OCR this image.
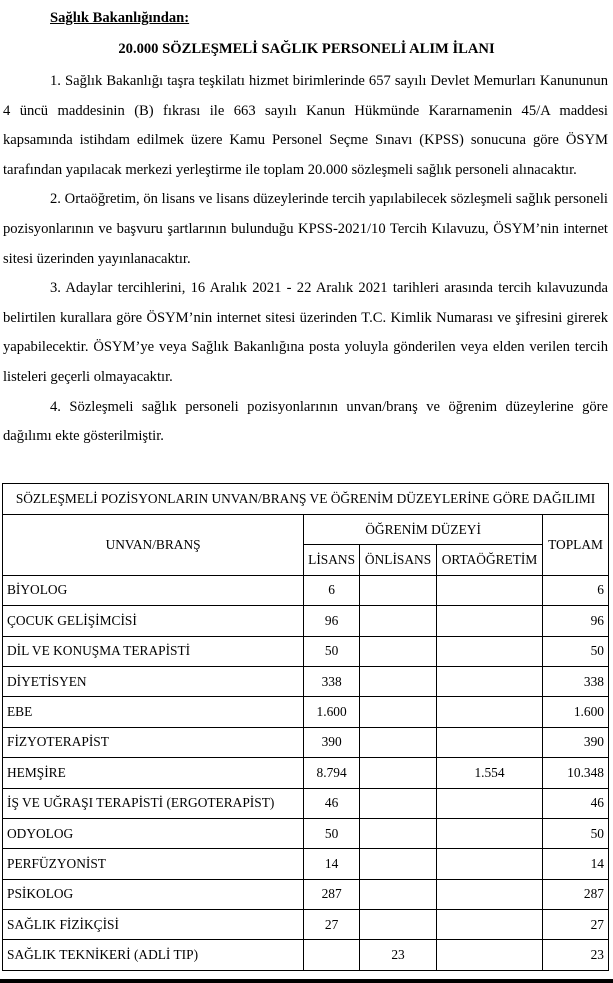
Sağlık Bakanlığından:
20.000 SÖZLEŞMELİ SAĞLIK PERSONELİ ALIM İLANI

1. Sağlık Bakanlığı taşra teşkilatı hizmet birimlerinde 657 sayılı Devlet Memurları Kanununun 4 üncü maddesinin (B) fıkrası ile 663 sayılı Kanun Hükmünde Kararnamenin 45/A maddesi kapsamında istihdam edilmek üzere Kamu Personel Seçme Sınavı (KPSS) sonucuna göre ÖSYM tarafından yapılacak merkezi yerleştirme ile toplam 20.000 sözleşmeli sağlık personeli alınacaktır.

2. Ortaöğretim, ön lisans ve lisans düzeylerinde tercih yapılabilecek sözleşmeli sağlık personeli pozisyonlarının ve başvuru şartlarının bulunduğu KPSS-2021/10 Tercih Kılavuzu, ÖSYM’nin internet sitesi üzerinden yayınlanacaktır.

3. Adaylar tercihlerini, 16 Aralık 2021 - 22 Aralık 2021 tarihleri arasında tercih kılavuzunda belirtilen kurallara göre ÖSYM’nin internet sitesi üzerinden T.C. Kimlik Numarası ve şifresini girerek yapabilecektir. ÖSYM’ye veya Sağlık Bakanlığına posta yoluyla gönderilen veya elden verilen tercih listeleri geçerli olmayacaktır.

4. Sözleşmeli sağlık personeli pozisyonlarının unvan/branş ve öğrenim düzeylerine göre dağılımı ekte gösterilmiştir.

SÖZLEŞMELİ POZİSYONLARIN UNVAN/BRANŞ VE ÖĞRENİM DÜZEYLERİNE GÖRE DAĞILIMI				
UNVAN/BRANŞ	ÖĞRENİM DÜZEYİ			TOPLAM
	LİSANS	ÖNLİSANS	ORTAÖĞRETİM	
BİYOLOG	6			6
ÇOCUK GELİŞİMCİSİ	96			96
DİL VE KONUŞMA TERAPİSTİ	50			50
DİYETİSYEN	338			338
EBE	1.600			1.600
FİZYOTERAPİST	390			390
HEMŞİRE	8.794		1.554	10.348
İŞ VE UĞRAŞI TERAPİSTİ (ERGOTERAPİST)	46			46
ODYOLOG	50			50
PERFÜZYONİST	14			14
PSİKOLOG	287			287
SAĞLIK FİZİKÇİSİ	27			27
SAĞLIK TEKNİKERİ (ADLİ TIP)		23		23
